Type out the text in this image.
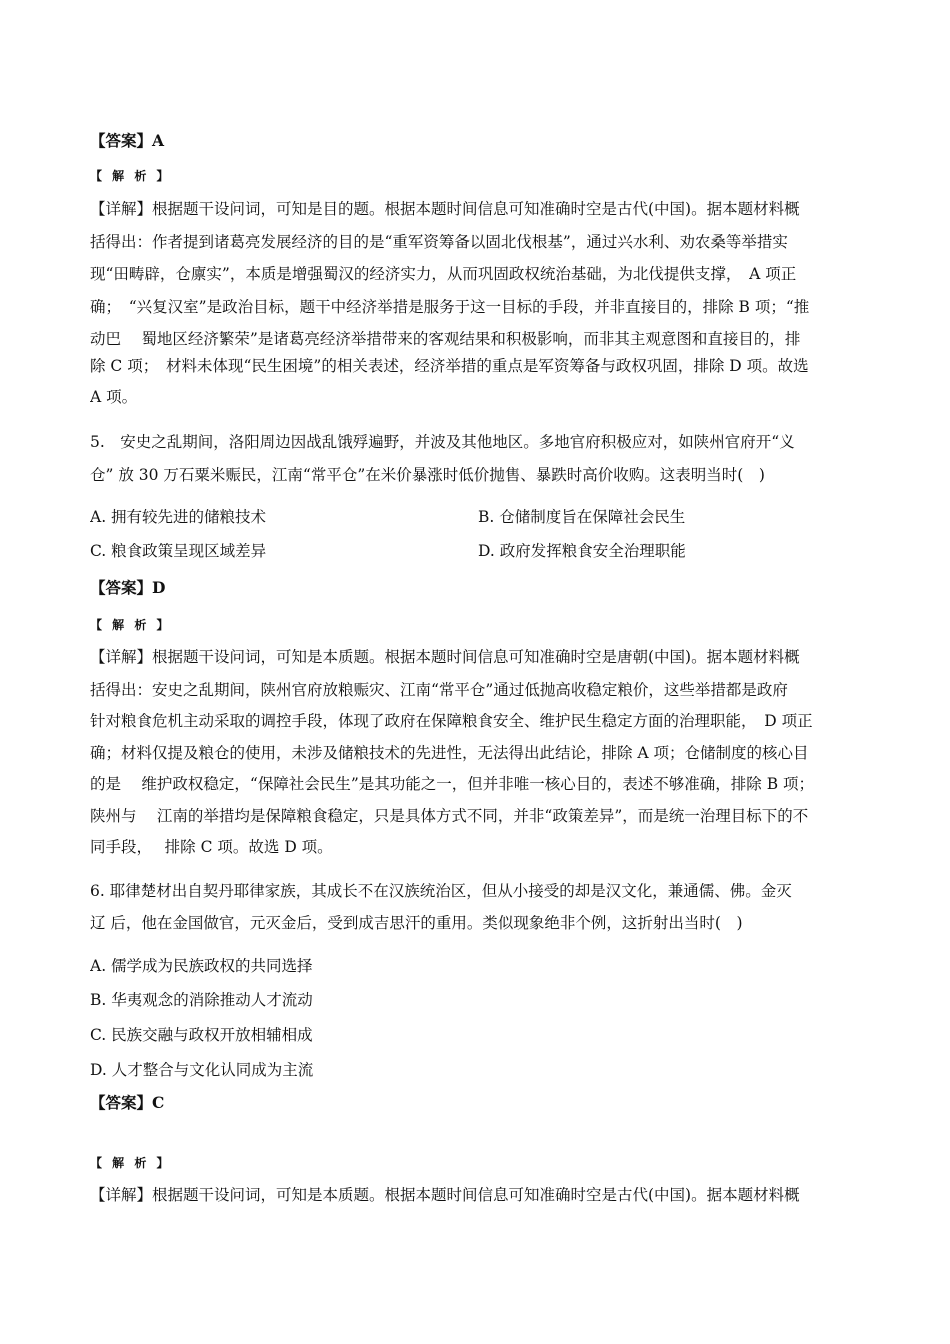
【答案】A
【 解 析 】
【详解】根据题干设问词，可知是目的题。根据本题时间信息可知准确时空是古代(中国)。据本题材料概
括得出：作者提到诸葛亮发展经济的目的是“重军资筹备以固北伐根基”，通过兴水利、劝农桑等举措实
现“田畴辟，仓廪实”，本质是增强蜀汉的经济实力，从而巩固政权统治基础，为北伐提供支撑，　A 项正
确；　“兴复汉室”是政治目标，题干中经济举措是服务于这一目标的手段，并非直接目的，排除 B 项；“推
动巴　 蜀地区经济繁荣”是诸葛亮经济举措带来的客观结果和积极影响，而非其主观意图和直接目的，排
除 C 项；　材料未体现“民生困境”的相关表述，经济举措的重点是军资筹备与政权巩固，排除 D 项。故选
A 项。
5.　安史之乱期间，洛阳周边因战乱饿殍遍野，并波及其他地区。多地官府积极应对，如陕州官府开“义
仓” 放 30 万石粟米赈民，江南“常平仓”在米价暴涨时低价抛售、暴跌时高价收购。这表明当时(　)
A. 拥有较先进的储粮技术	B. 仓储制度旨在保障社会民生
C. 粮食政策呈现区域差异	D. 政府发挥粮食安全治理职能
【答案】D
【 解 析 】
【详解】根据题干设问词，可知是本质题。根据本题时间信息可知准确时空是唐朝(中国)。据本题材料概
括得出：安史之乱期间，陕州官府放粮赈灾、江南“常平仓”通过低抛高收稳定粮价，这些举措都是政府
针对粮食危机主动采取的调控手段，体现了政府在保障粮食安全、维护民生稳定方面的治理职能，　D 项正
确；材料仅提及粮仓的使用，未涉及储粮技术的先进性，无法得出此结论，排除 A 项；仓储制度的核心目
的是　 维护政权稳定，“保障社会民生”是其功能之一，但并非唯一核心目的，表述不够准确，排除 B 项；
陕州与　 江南的举措均是保障粮食稳定，只是具体方式不同，并非“政策差异”，而是统一治理目标下的不
同手段，　 排除 C 项。故选 D 项。
6. 耶律楚材出自契丹耶律家族，其成长不在汉族统治区，但从小接受的却是汉文化，兼通儒、佛。金灭
辽 后，他在金国做官，元灭金后，受到成吉思汗的重用。类似现象绝非个例，这折射出当时(　)
A. 儒学成为民族政权的共同选择
B. 华夷观念的消除推动人才流动
C. 民族交融与政权开放相辅相成
D. 人才整合与文化认同成为主流
【答案】C
【 解 析 】
【详解】根据题干设问词，可知是本质题。根据本题时间信息可知准确时空是古代(中国)。据本题材料概
